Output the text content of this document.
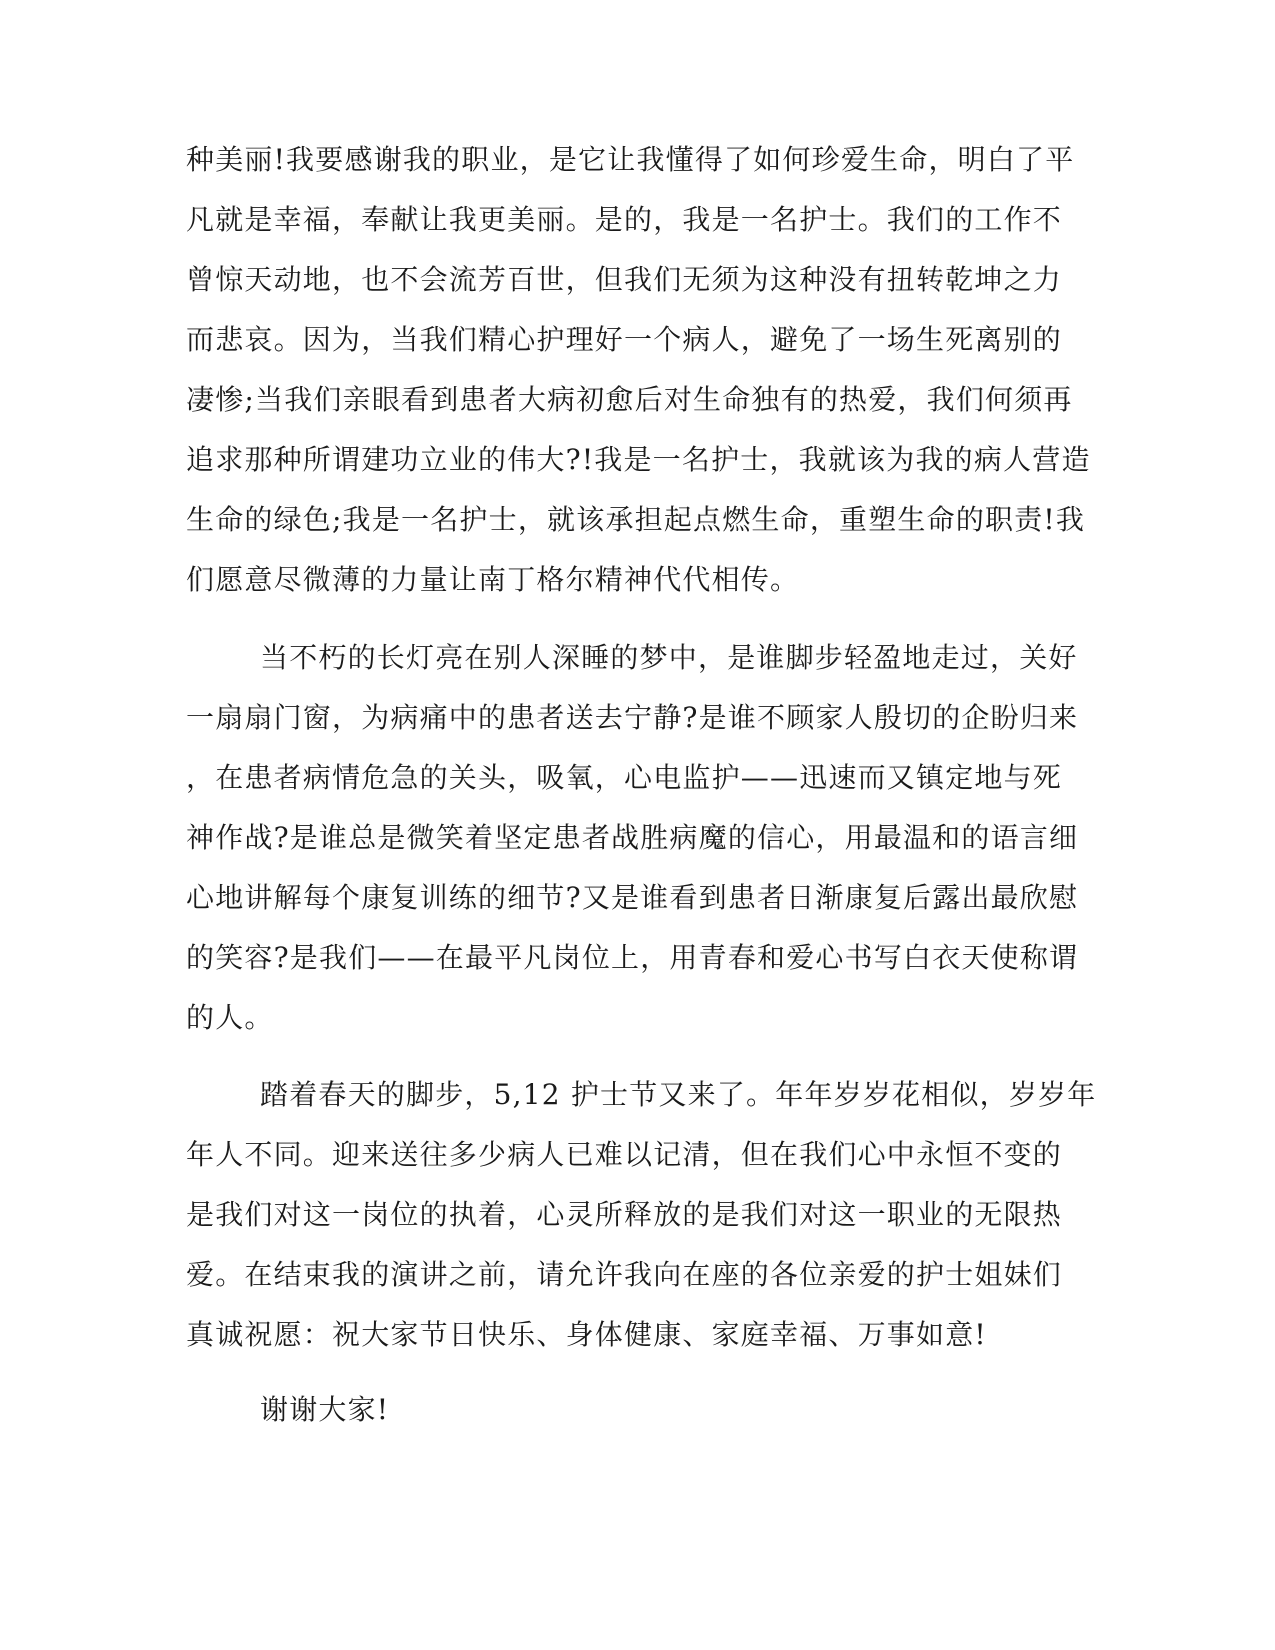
种美丽!我要感谢我的职业，是它让我懂得了如何珍爱生命，明白了平
凡就是幸福，奉献让我更美丽。是的，我是一名护士。我们的工作不
曾惊天动地，也不会流芳百世，但我们无须为这种没有扭转乾坤之力
而悲哀。因为，当我们精心护理好一个病人，避免了一场生死离别的
凄惨;当我们亲眼看到患者大病初愈后对生命独有的热爱，我们何须再
追求那种所谓建功立业的伟大?!我是一名护士，我就该为我的病人营造
生命的绿色;我是一名护士，就该承担起点燃生命，重塑生命的职责!我
们愿意尽微薄的力量让南丁格尔精神代代相传。
当不朽的长灯亮在别人深睡的梦中，是谁脚步轻盈地走过，关好
一扇扇门窗，为病痛中的患者送去宁静?是谁不顾家人殷切的企盼归来
，在患者病情危急的关头，吸氧，心电监护——迅速而又镇定地与死
神作战?是谁总是微笑着坚定患者战胜病魔的信心，用最温和的语言细
心地讲解每个康复训练的细节?又是谁看到患者日渐康复后露出最欣慰
的笑容?是我们——在最平凡岗位上，用青春和爱心书写白衣天使称谓
的人。
踏着春天的脚步，5,12 护士节又来了。年年岁岁花相似，岁岁年
年人不同。迎来送往多少病人已难以记清，但在我们心中永恒不变的
是我们对这一岗位的执着，心灵所释放的是我们对这一职业的无限热
爱。在结束我的演讲之前，请允许我向在座的各位亲爱的护士姐妹们
真诚祝愿：祝大家节日快乐、身体健康、家庭幸福、万事如意!
谢谢大家!
